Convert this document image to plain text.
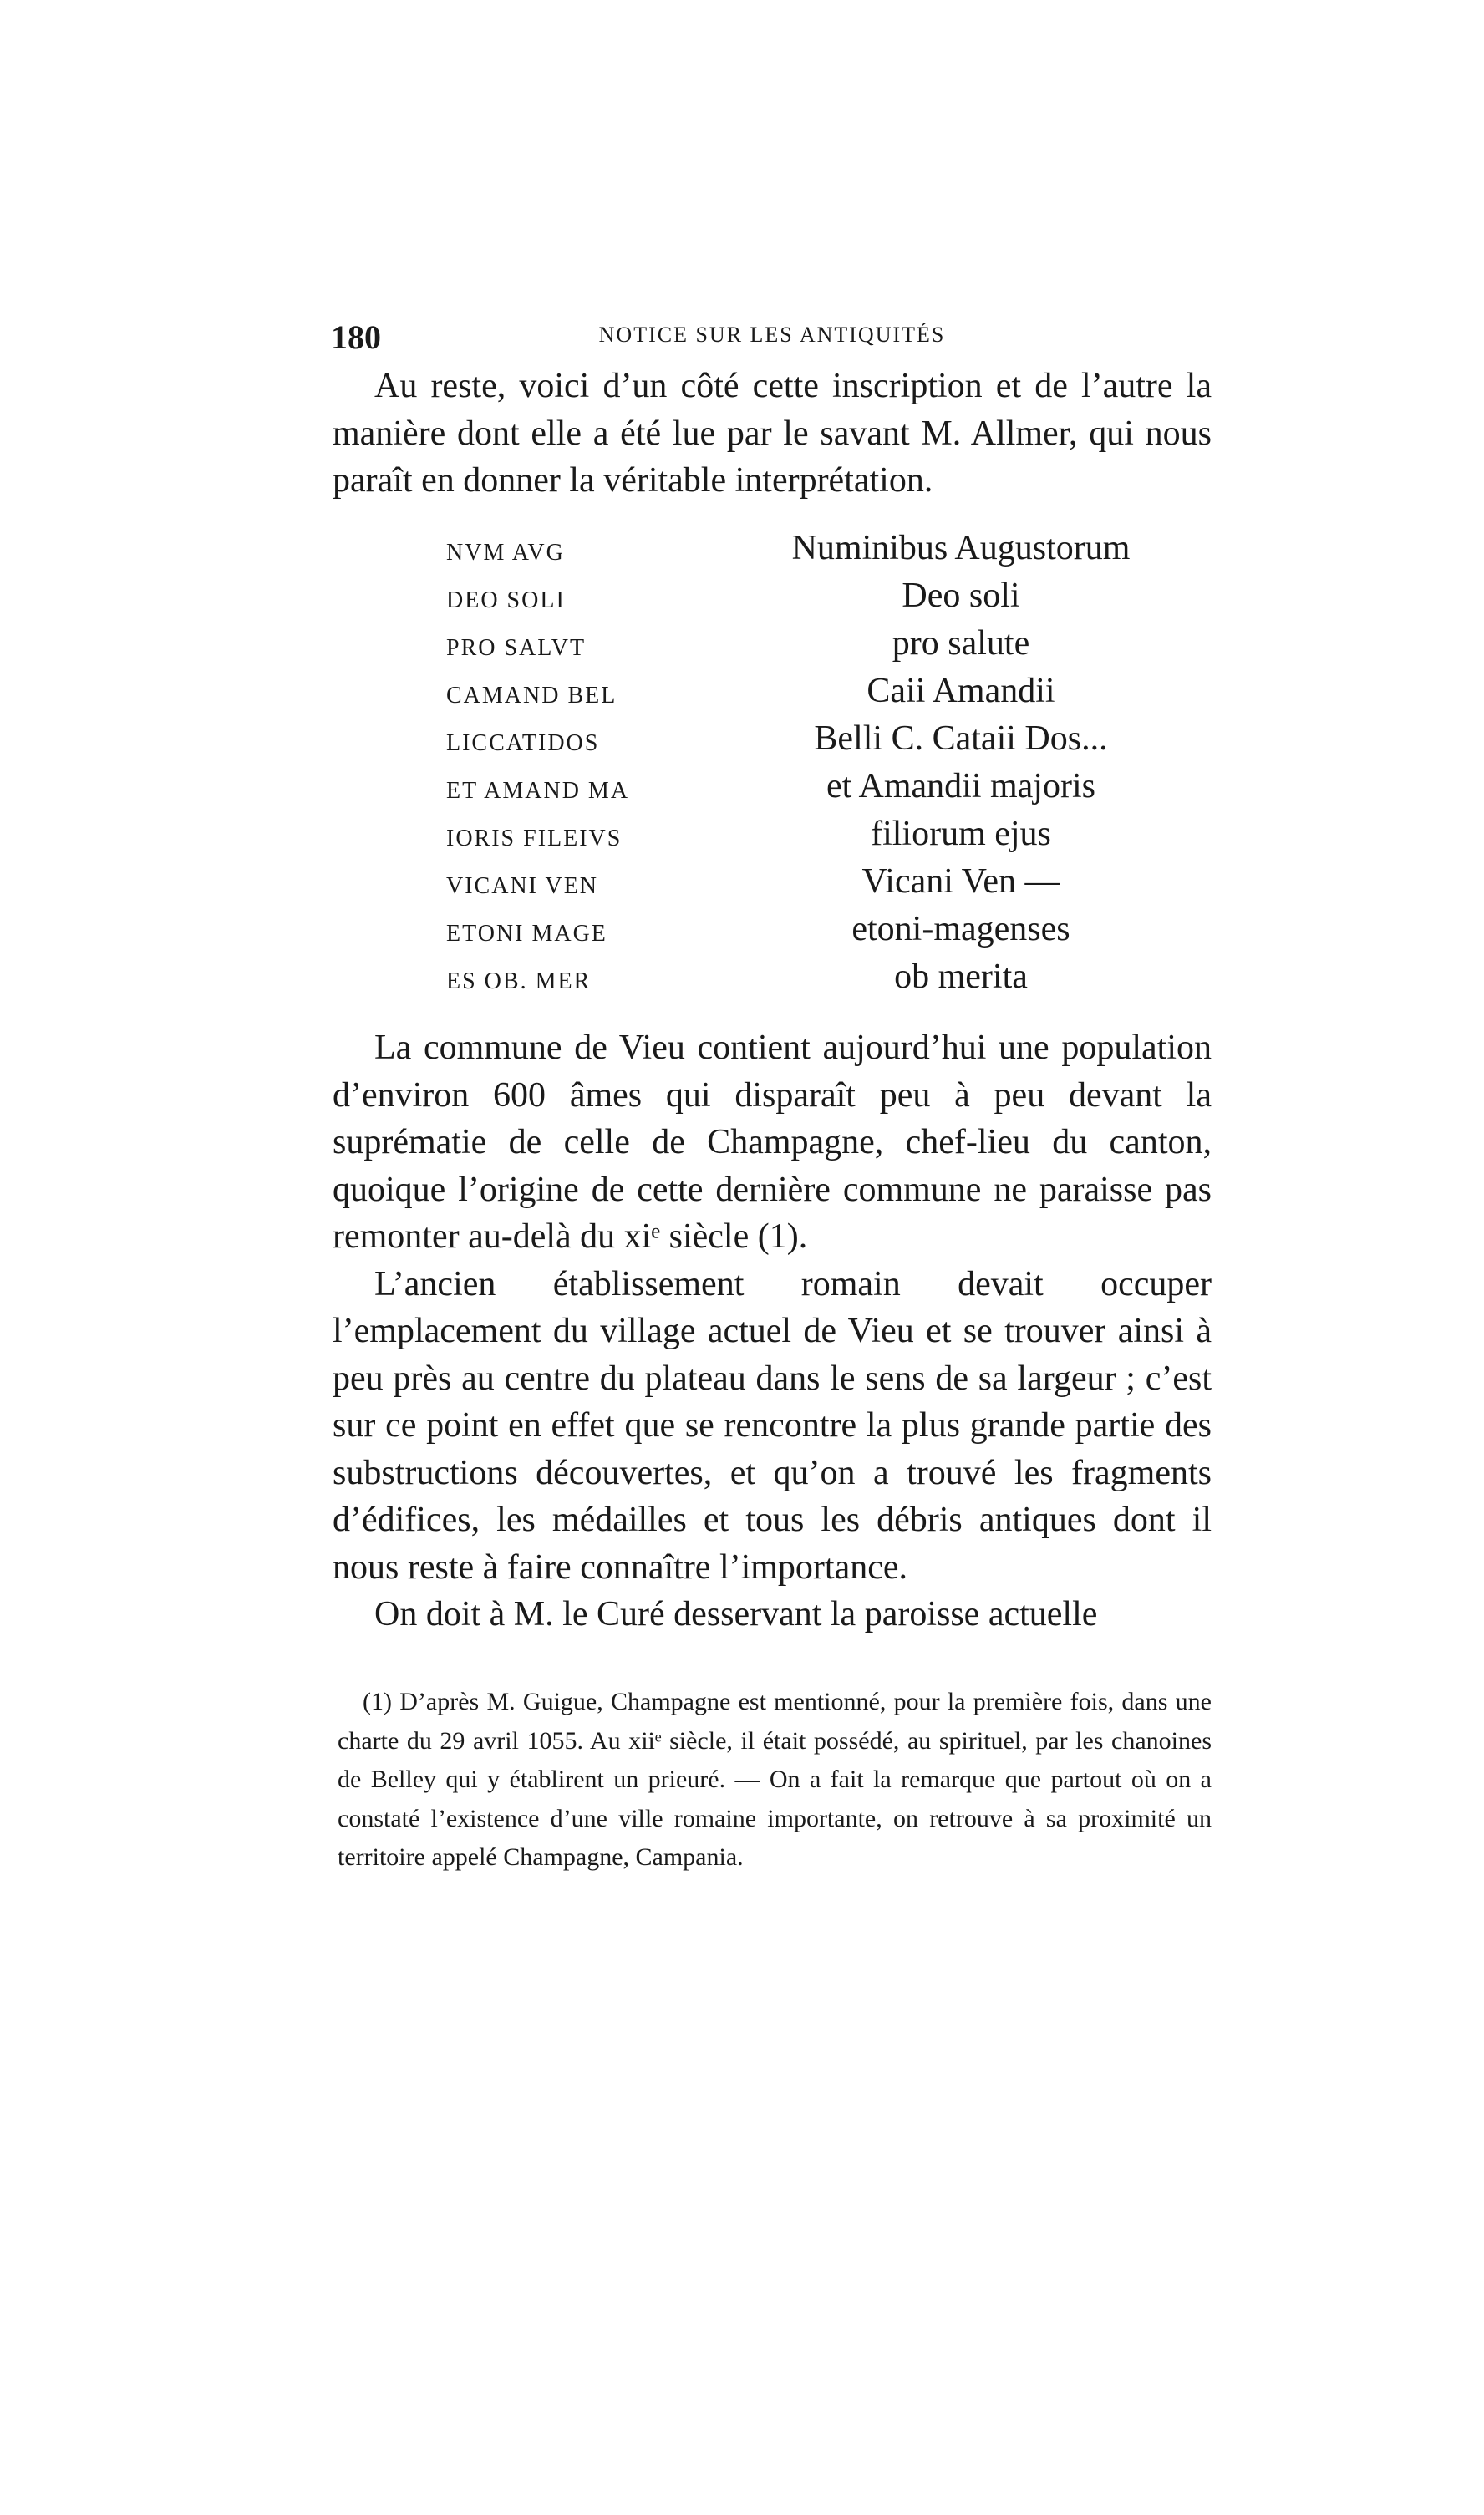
180	NOTICE SUR LES ANTIQUITÉS

Au reste, voici d’un côté cette inscription et de l’autre la manière dont elle a été lue par le savant M. Allmer, qui nous paraît en donner la véritable interprétation.

NVM AVG	Numinibus Augustorum
DEO SOLI	Deo soli
PRO SALVT	pro salute
CAMAND BEL	Caii Amandii
LICCATIDOS	Belli C. Cataii Dos...
ET AMAND MA	et Amandii majoris
IORIS FILEIVS	filiorum ejus
VICANI VEN	Vicani Ven —
ETONI MAGE	etoni-magenses
ES OB. MER	ob merita

La commune de Vieu contient aujourd’hui une population d’environ 600 âmes qui disparaît peu à peu devant la suprématie de celle de Champagne, chef-lieu du canton, quoique l’origine de cette dernière commune ne paraisse pas remonter au-delà du xiᵉ siècle (1).

L’ancien établissement romain devait occuper l’emplacement du village actuel de Vieu et se trouver ainsi à peu près au centre du plateau dans le sens de sa largeur ; c’est sur ce point en effet que se rencontre la plus grande partie des substructions découvertes, et qu’on a trouvé les fragments d’édifices, les médailles et tous les débris antiques dont il nous reste à faire connaître l’importance.

On doit à M. le Curé desservant la paroisse actuelle

(1) D’après M. Guigue, Champagne est mentionné, pour la première fois, dans une charte du 29 avril 1055. Au xiiᵉ siècle, il était possédé, au spirituel, par les chanoines de Belley qui y établirent un prieuré. — On a fait la remarque que partout où on a constaté l’existence d’une ville romaine importante, on retrouve à sa proximité un territoire appelé Champagne, Campania.
